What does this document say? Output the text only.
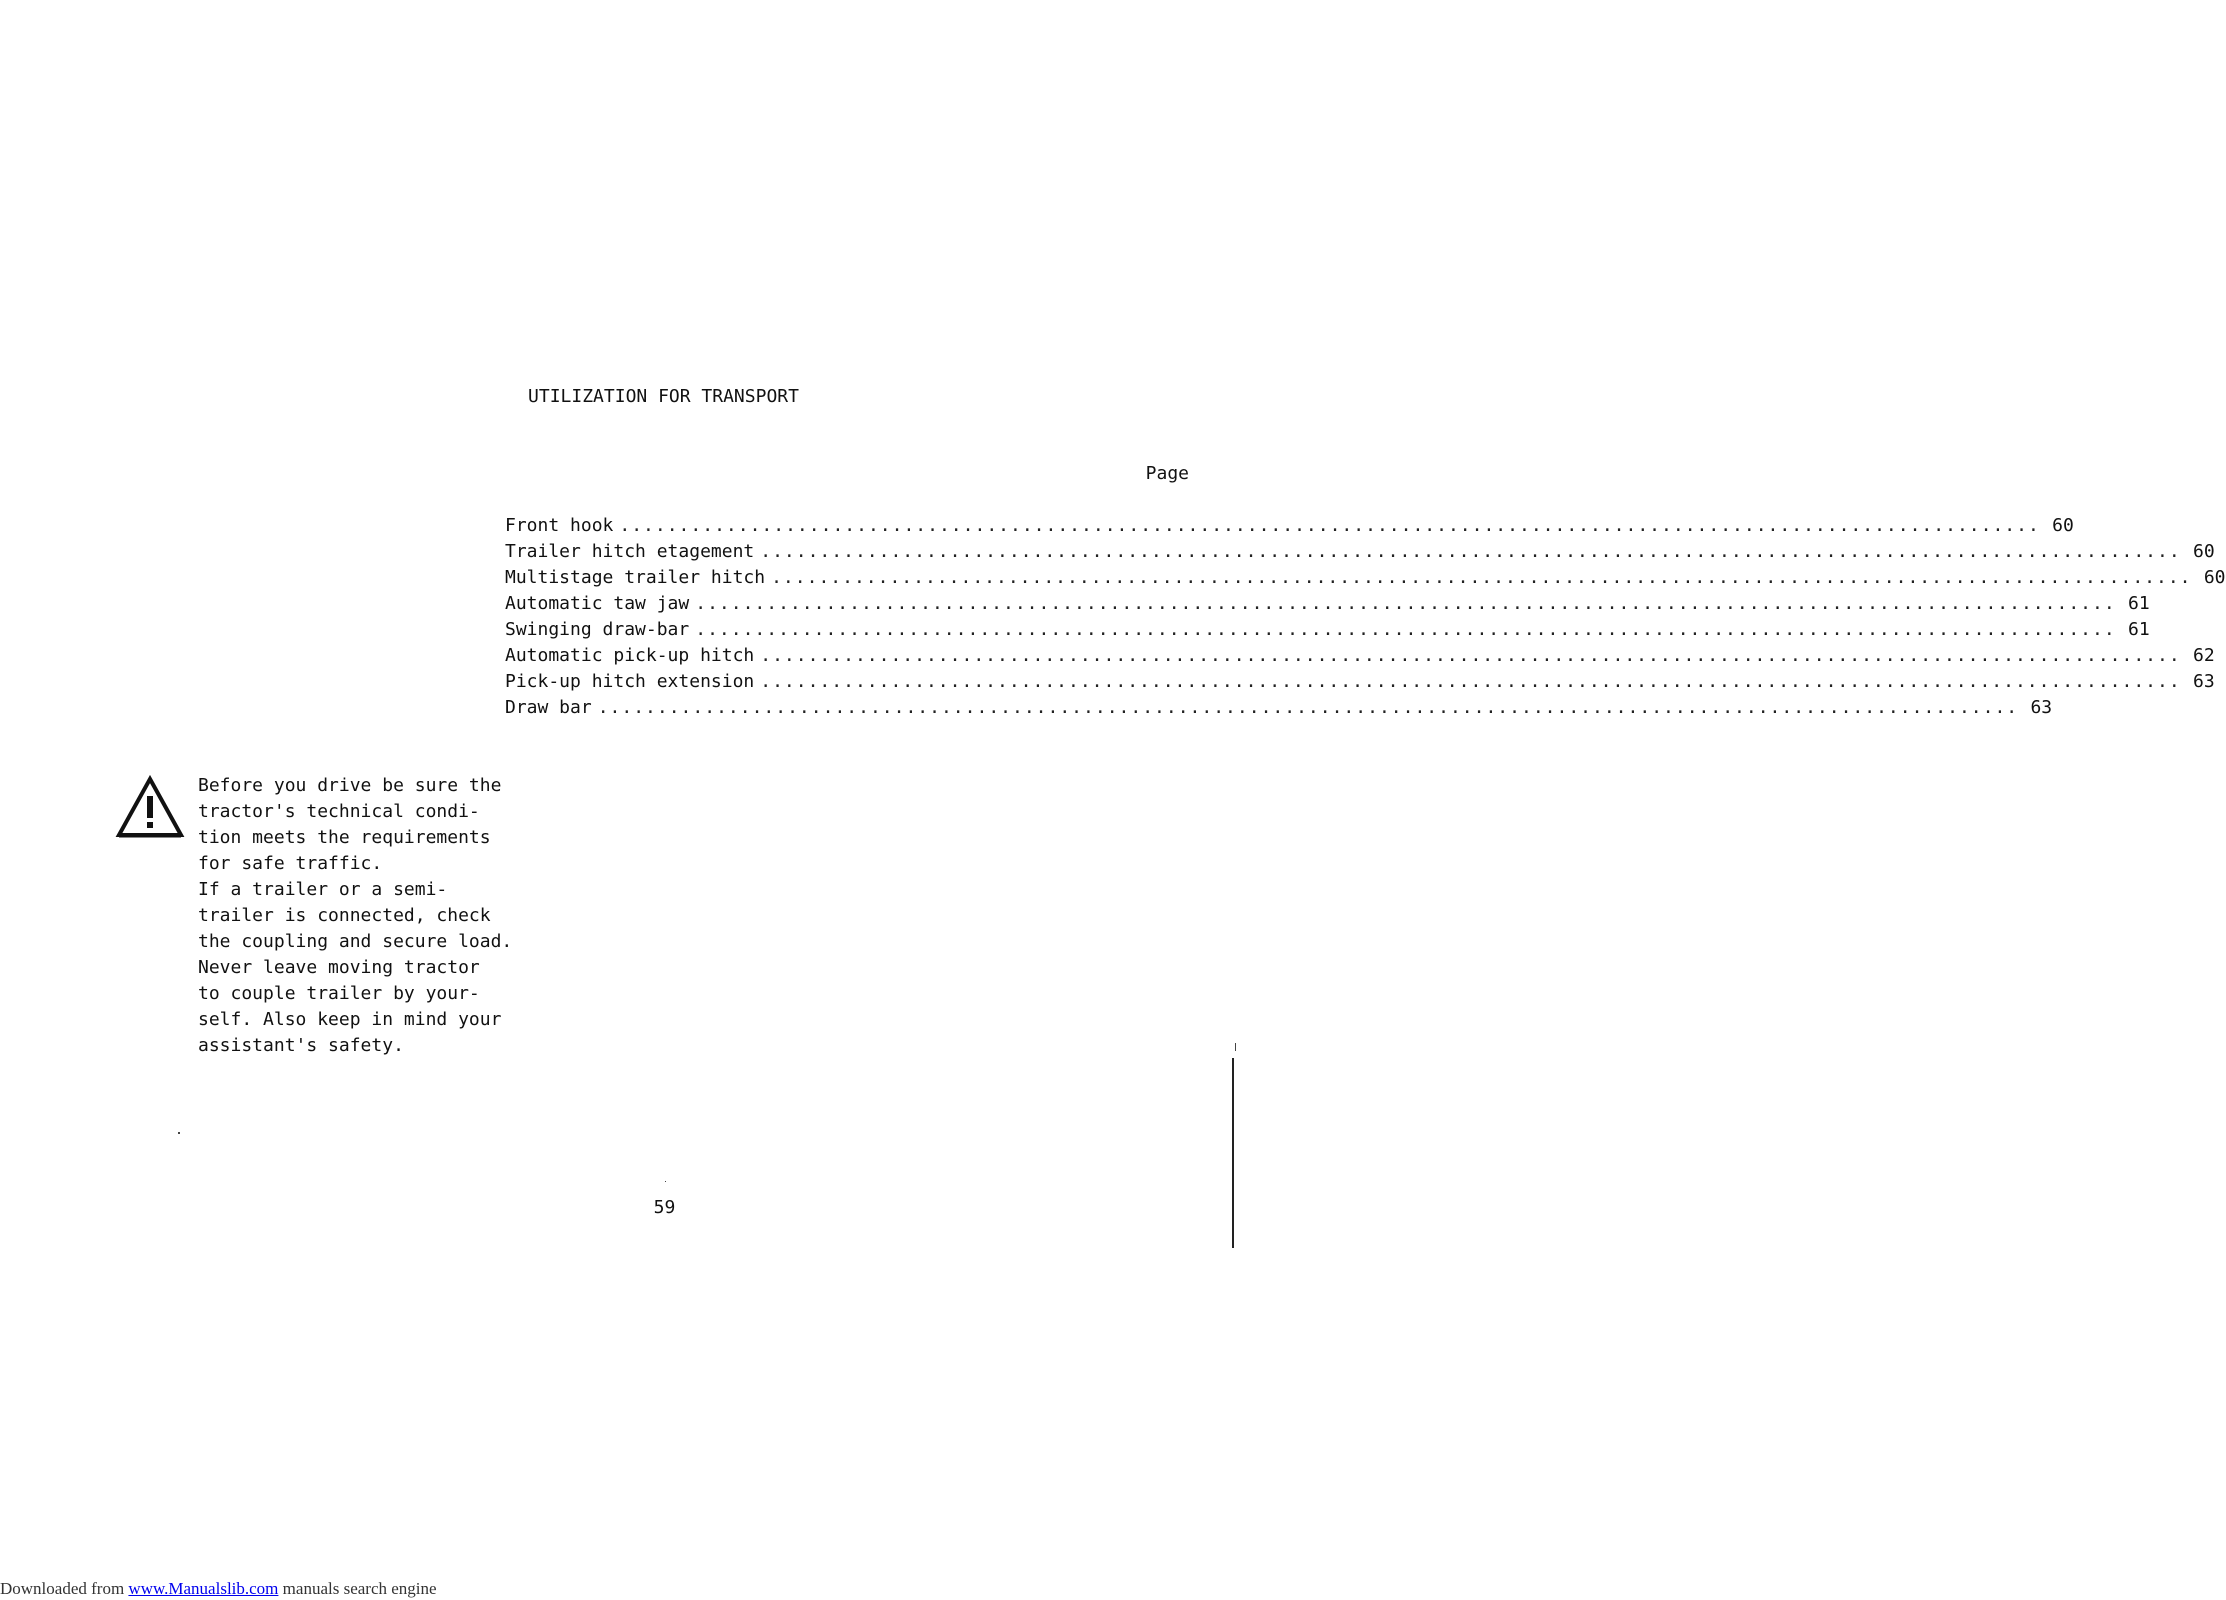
UTILIZATION FOR TRANSPORT
Page
Front hook ........................................................................................................................ 60
Trailer hitch etagement ........................................................................................................................ 60
Multistage trailer hitch ........................................................................................................................ 60
Automatic taw jaw ........................................................................................................................ 61
Swinging draw-bar ........................................................................................................................ 61
Automatic pick-up hitch ........................................................................................................................ 62
Pick-up hitch extension ........................................................................................................................ 63
Draw bar ........................................................................................................................ 63
Before you drive be sure the
tractor's technical condi-
tion meets the requirements
for safe traffic.
If a trailer or a semi-
trailer is connected, check
the coupling and secure load.
Never leave moving tractor
to couple trailer by your-
self. Also keep in mind your
assistant's safety.
59
Downloaded from www.Manualslib.com manuals search engine
